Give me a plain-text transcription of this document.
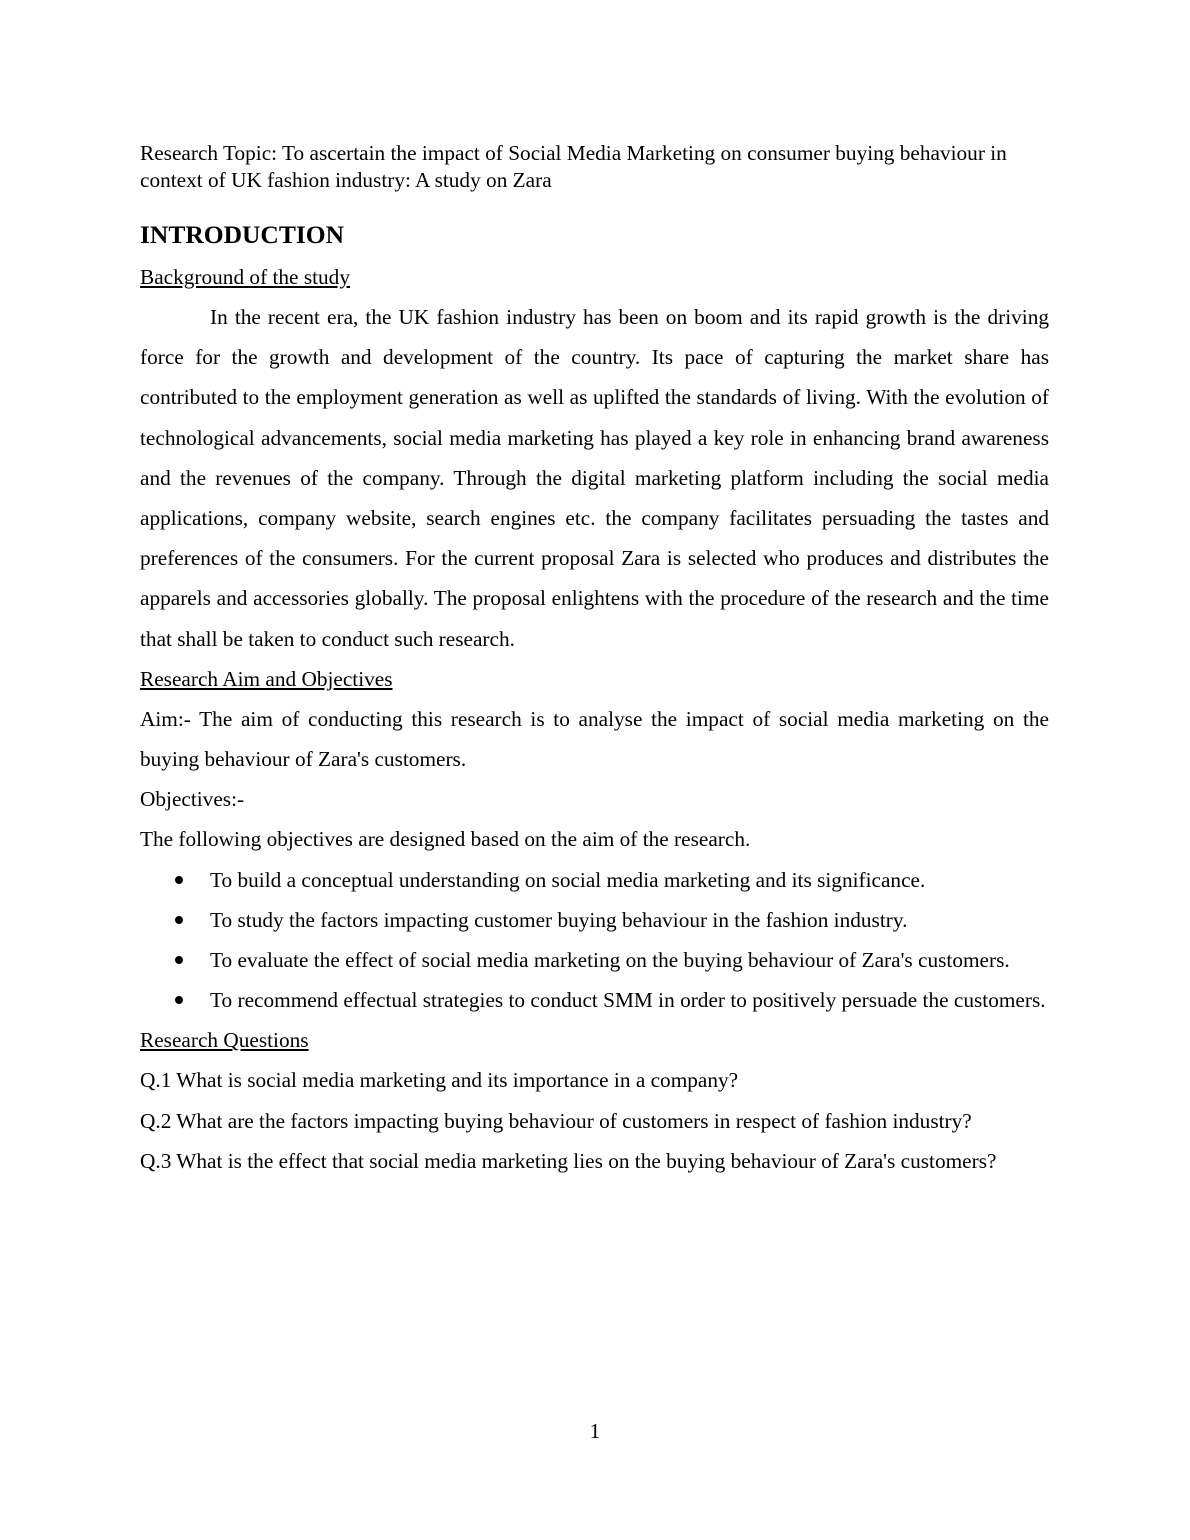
Research Topic: To ascertain the impact of Social Media Marketing on consumer buying behaviour in context of UK fashion industry: A study on Zara

INTRODUCTION

Background of the study

In the recent era, the UK fashion industry has been on boom and its rapid growth is the driving force for the growth and development of the country. Its pace of capturing the market share has contributed to the employment generation as well as uplifted the standards of living. With the evolution of technological advancements, social media marketing has played a key role in enhancing brand awareness and the revenues of the company. Through the digital marketing platform including the social media applications, company website, search engines etc. the company facilitates persuading the tastes and preferences of the consumers. For the current proposal Zara is selected who produces and distributes the apparels and accessories globally. The proposal enlightens with the procedure of the research and the time that shall be taken to conduct such research.

Research Aim and Objectives

Aim:- The aim of conducting this research is to analyse the impact of social media marketing on the buying behaviour of Zara's customers.

Objectives:-

The following objectives are designed based on the aim of the research.

To build a conceptual understanding on social media marketing and its significance.
To study the factors impacting customer buying behaviour in the fashion industry.
To evaluate the effect of social media marketing on the buying behaviour of Zara's customers.
To recommend effectual strategies to conduct SMM in order to positively persuade the customers.

Research Questions

Q.1 What is social media marketing and its importance in a company?

Q.2 What are the factors impacting buying behaviour of customers in respect of fashion industry?

Q.3 What is the effect that social media marketing lies on the buying behaviour of Zara's customers?

1
